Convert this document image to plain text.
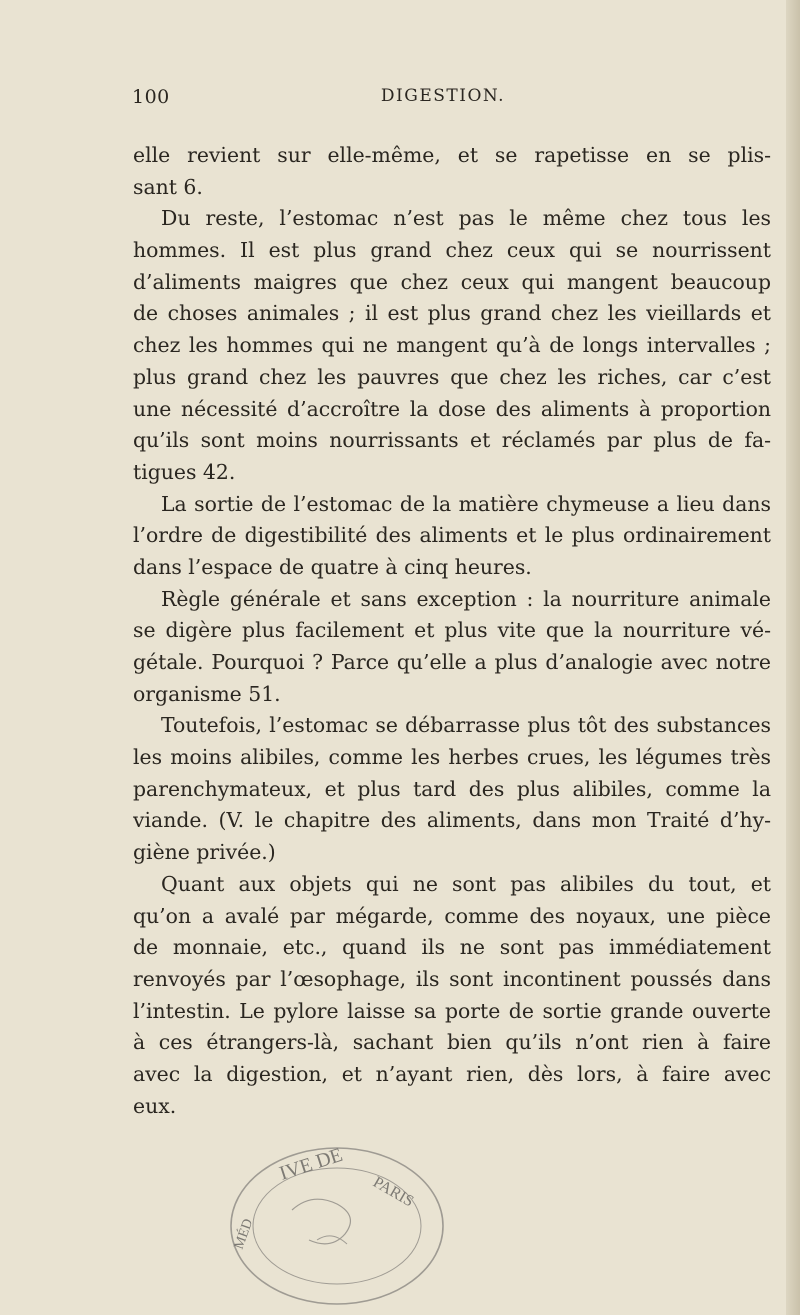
100	DIGESTION.
elle revient sur elle-même, et se rapetisse en se plis-
sant 6.
Du reste, l’estomac n’est pas le même chez tous les
hommes. Il est plus grand chez ceux qui se nourrissent
d’aliments maigres que chez ceux qui mangent beaucoup
de choses animales ; il est plus grand chez les vieillards et
chez les hommes qui ne mangent qu’à de longs intervalles ;
plus grand chez les pauvres que chez les riches, car c’est
une nécessité d’accroître la dose des aliments à proportion
qu’ils sont moins nourrissants et réclamés par plus de fa-
tigues 42.
La sortie de l’estomac de la matière chymeuse a lieu dans
l’ordre de digestibilité des aliments et le plus ordinairement
dans l’espace de quatre à cinq heures.
Règle générale et sans exception : la nourriture animale
se digère plus facilement et plus vite que la nourriture vé-
gétale. Pourquoi ? Parce qu’elle a plus d’analogie avec notre
organisme 51.
Toutefois, l’estomac se débarrasse plus tôt des substances
les moins alibiles, comme les herbes crues, les légumes très
parenchymateux, et plus tard des plus alibiles, comme la
viande. (V. le chapitre des aliments, dans mon Traité d’hy-
giène privée.)
Quant aux objets qui ne sont pas alibiles du tout, et
qu’on a avalé par mégarde, comme des noyaux, une pièce
de monnaie, etc., quand ils ne sont pas immédiatement
renvoyés par l’œsophage, ils sont incontinent poussés dans
l’intestin. Le pylore laisse sa porte de sortie grande ouverte
à ces étrangers-là, sachant bien qu’ils n’ont rien à faire
avec la digestion, et n’ayant rien, dès lors, à faire avec
eux.
IVE DE
PARIS
MÉD
